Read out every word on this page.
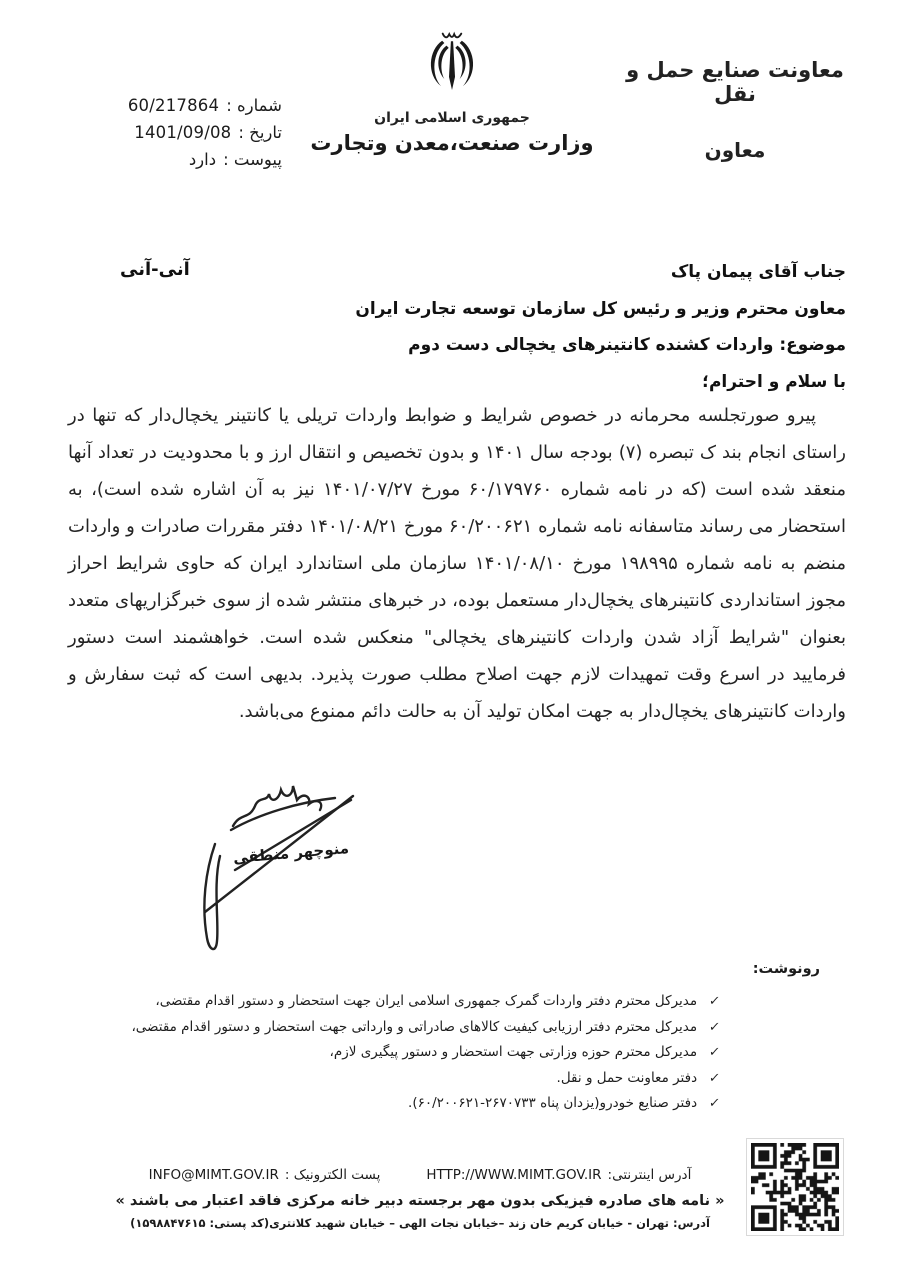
معاونت صنایع حمل و نقل
معاون
جمهوری اسلامی ایران
وزارت صنعت،معدن وتجارت
شماره :
60/217864
تاریخ :
1401/09/08
پیوست :
دارد
آنی-آنی	جناب آقای پیمان پاک
معاون محترم وزیر و رئیس کل سازمان توسعه تجارت ایران
موضوع: واردات کشنده کانتینرهای یخچالی دست دوم
با سلام و احترام؛

پیرو صورتجلسه محرمانه در خصوص شرایط و ضوابط واردات تریلی یا کانتینر یخچال‌دار که تنها در راستای انجام بند ک تبصره (۷) بودجه سال ۱۴۰۱ و بدون تخصیص و انتقال ارز و با محدودیت در تعداد آنها منعقد شده است (که در نامه شماره ۶۰/۱۷۹۷۶۰ مورخ ۱۴۰۱/۰۷/۲۷ نیز به آن اشاره شده است)، به استحضار می رساند متاسفانه نامه شماره ۶۰/۲۰۰۶۲۱ مورخ ۱۴۰۱/۰۸/۲۱ دفتر مقررات صادرات و واردات منضم به نامه شماره ۱۹۸۹۹۵ مورخ ۱۴۰۱/۰۸/۱۰ سازمان ملی استاندارد ایران که حاوی شرایط احراز مجوز استانداردی کانتینرهای یخچال‌دار مستعمل بوده، در خبرهای منتشر شده از سوی خبرگزاریهای متعدد بعنوان "شرایط آزاد شدن واردات کانتینرهای یخچالی" منعکس شده است. خواهشمند است دستور فرمایید در اسرع وقت تمهیدات لازم جهت اصلاح مطلب صورت پذیرد. بدیهی است که ثبت سفارش و واردات کانتینرهای یخچال‌دار به جهت امکان تولید آن به حالت دائم ممنوع می‌باشد.

منوچهر منطقی
رونوشت:
✓
مدیرکل محترم دفتر واردات گمرک جمهوری اسلامی ایران جهت استحضار و دستور اقدام مقتضی،
✓
مدیرکل محترم دفتر ارزیابی کیفیت کالاهای صادراتی و وارداتی جهت استحضار و دستور اقدام مقتضی،
✓
مدیرکل محترم حوزه وزارتی جهت استحضار و دستور پیگیری لازم،
✓
دفتر معاونت حمل و نقل.
✓
دفتر صنایع خودرو(یزدان پناه ۲۶۷۰۷۳۳-۶۰/۲۰۰۶۲۱).
آدرس اینترنتی:
HTTP://WWW.MIMT.GOV.IR
پست الکترونیک :
INFO@MIMT.GOV.IR
« نامه های صادره فیزیکی بدون مهر برجسته دبیر خانه مرکزی فاقد اعتبار می باشند »
آدرس: تهران - خیابان کریم خان زند –خیابان نجات الهی – خیابان شهید کلانتری(کد پستی: ۱۵۹۸۸۴۷۶۱۵)
